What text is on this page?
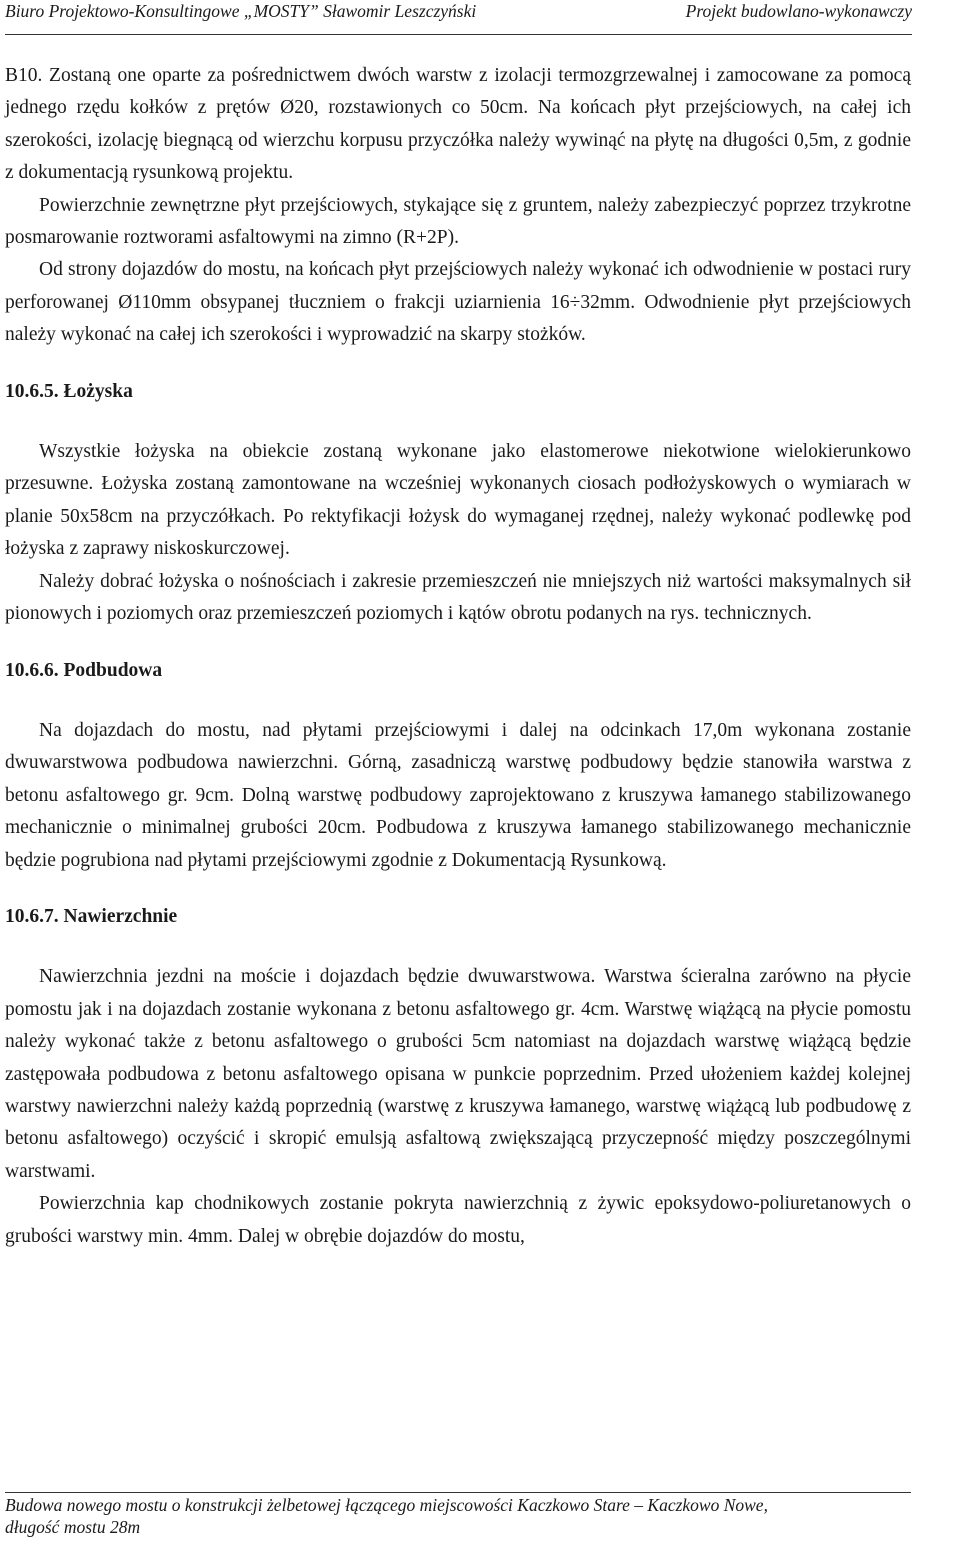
Biuro Projektowo-Konsultingowe „MOSTY” Sławomir Leszczyński	Projekt budowlano-wykonawczy

B10. Zostaną one oparte za pośrednictwem dwóch warstw z izolacji termozgrzewalnej i zamocowane za pomocą jednego rzędu kołków z prętów Ø20, rozstawionych co 50cm. Na końcach płyt przejściowych, na całej ich szerokości, izolację biegnącą od wierzchu korpusu przyczółka należy wywinąć na płytę na długości 0,5m, z godnie z dokumentacją rysunkową projektu.

Powierzchnie zewnętrzne płyt przejściowych, stykające się z gruntem, należy zabezpieczyć poprzez trzykrotne posmarowanie roztworami asfaltowymi na zimno (R+2P).

Od strony dojazdów do mostu, na końcach płyt przejściowych należy wykonać ich odwodnienie w postaci rury perforowanej Ø110mm obsypanej tłuczniem o frakcji uziarnienia 16÷32mm. Odwodnienie płyt przejściowych należy wykonać na całej ich szerokości i wyprowadzić na skarpy stożków.

10.6.5. Łożyska

Wszystkie łożyska na obiekcie zostaną wykonane jako elastomerowe niekotwione wielokierunkowo przesuwne. Łożyska zostaną zamontowane na wcześniej wykonanych ciosach podłożyskowych o wymiarach w planie 50x58cm na przyczółkach. Po rektyfikacji łożysk do wymaganej rzędnej, należy wykonać podlewkę pod łożyska z zaprawy niskoskurczowej.

Należy dobrać łożyska o nośnościach i zakresie przemieszczeń nie mniejszych niż wartości maksymalnych sił pionowych i poziomych oraz przemieszczeń poziomych i kątów obrotu podanych na rys. technicznych.

10.6.6. Podbudowa

Na dojazdach do mostu, nad płytami przejściowymi i dalej na odcinkach 17,0m wykonana zostanie dwuwarstwowa podbudowa nawierzchni. Górną, zasadniczą warstwę podbudowy będzie stanowiła warstwa z betonu asfaltowego gr. 9cm. Dolną warstwę podbudowy zaprojektowano z kruszywa łamanego stabilizowanego mechanicznie o minimalnej grubości 20cm. Podbudowa z kruszywa łamanego stabilizowanego mechanicznie będzie pogrubiona nad płytami przejściowymi zgodnie z Dokumentacją Rysunkową.

10.6.7. Nawierzchnie

Nawierzchnia jezdni na moście i dojazdach będzie dwuwarstwowa. Warstwa ścieralna zarówno na płycie pomostu jak i na dojazdach zostanie wykonana z betonu asfaltowego gr. 4cm. Warstwę wiążącą na płycie pomostu należy wykonać także z betonu asfaltowego o grubości 5cm natomiast na dojazdach warstwę wiążącą będzie zastępowała podbudowa z betonu asfaltowego opisana w punkcie poprzednim. Przed ułożeniem każdej kolejnej warstwy nawierzchni należy każdą poprzednią (warstwę z kruszywa łamanego, warstwę wiążącą lub podbudowę z betonu asfaltowego) oczyścić i skropić emulsją asfaltową zwiększającą przyczepność między poszczególnymi warstwami.

Powierzchnia kap chodnikowych zostanie pokryta nawierzchnią z żywic epoksydowo-poliuretanowych o grubości warstwy min. 4mm. Dalej w obrębie dojazdów do mostu,

Budowa nowego mostu o konstrukcji żelbetowej łączącego miejscowości Kaczkowo Stare – Kaczkowo Nowe,
długość mostu 28m
